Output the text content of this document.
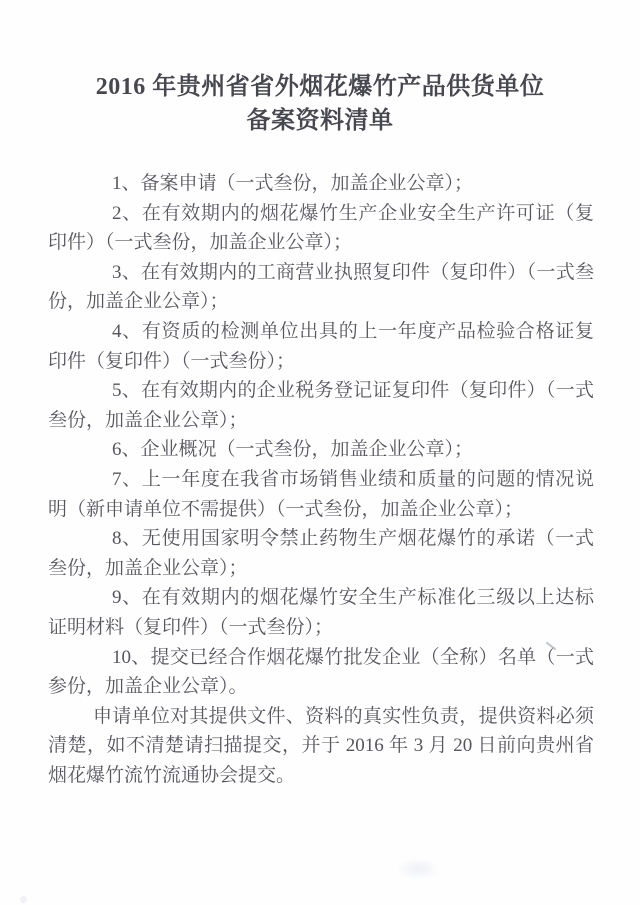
2016 年贵州省省外烟花爆竹产品供货单位
备案资料清单

1、备案申请（一式叁份，加盖企业公章）；

2、在有效期内的烟花爆竹生产企业安全生产许可证（复印件）（一式叁份，加盖企业公章）；

3、在有效期内的工商营业执照复印件（复印件）（一式叁份，加盖企业公章）；

4、有资质的检测单位出具的上一年度产品检验合格证复印件（复印件）（一式叁份）；

5、在有效期内的企业税务登记证复印件（复印件）（一式叁份，加盖企业公章）；

6、企业概况（一式叁份，加盖企业公章）；

7、上一年度在我省市场销售业绩和质量的问题的情况说明（新申请单位不需提供）（一式叁份，加盖企业公章）；

8、无使用国家明令禁止药物生产烟花爆竹的承诺（一式叁份，加盖企业公章）；

9、在有效期内的烟花爆竹安全生产标准化三级以上达标证明材料（复印件）（一式叁份）；

10、提交已经合作烟花爆竹批发企业（全称）名单（一式参份，加盖企业公章）。

申请单位对其提供文件、资料的真实性负责，提供资料必须清楚，如不清楚请扫描提交，并于 2016 年 3 月 20 日前向贵州省烟花爆竹流竹流通协会提交。
